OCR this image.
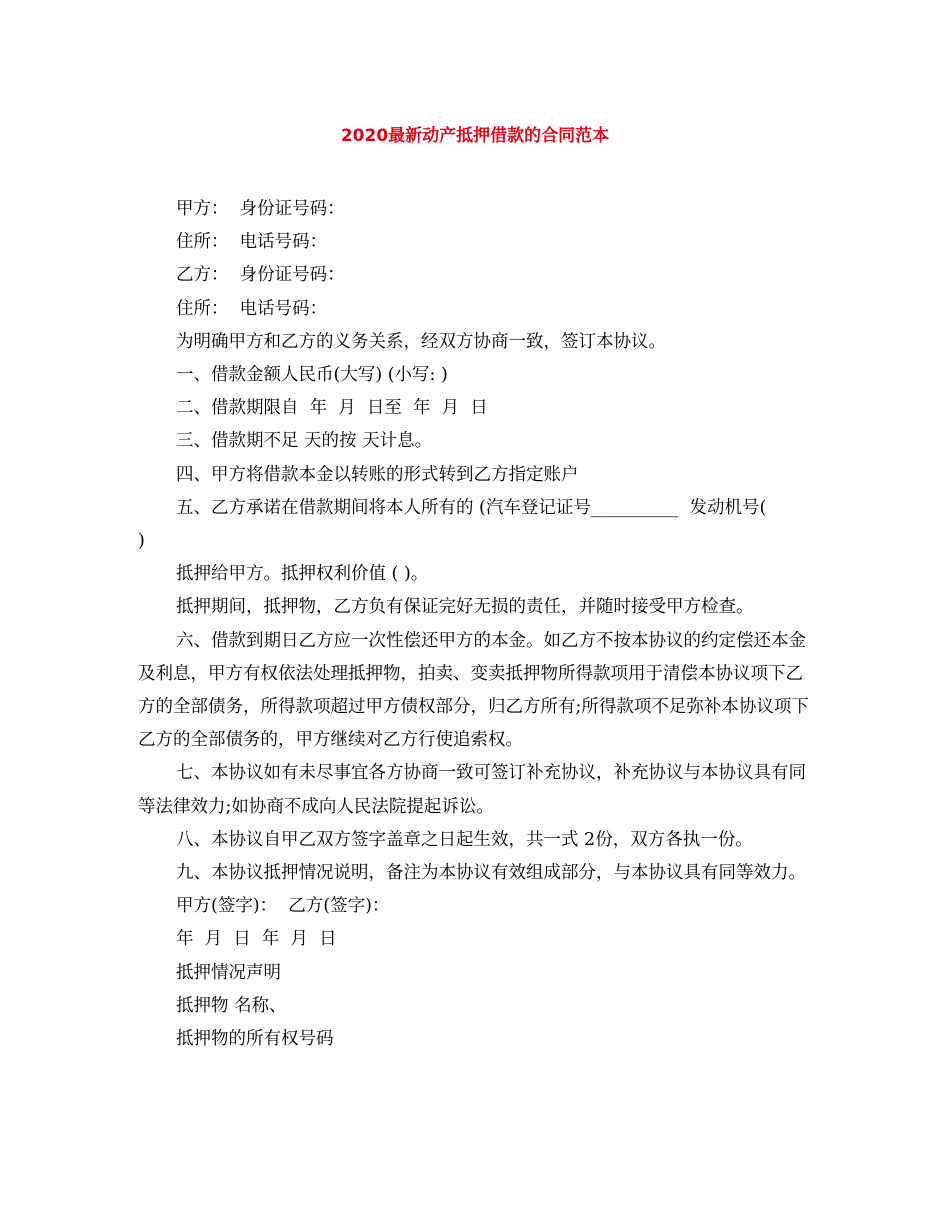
2020最新动产抵押借款的合同范本

甲方：  身份证号码：

住所：  电话号码：

乙方：  身份证号码：

住所：  电话号码：

为明确甲方和乙方的义务关系，经双方协商一致，签订本协议。

一、借款金额人民币(大写) (小写: )

二、借款期限自  年  月  日至  年  月  日

三、借款期不足 天的按 天计息。

四、甲方将借款本金以转账的形式转到乙方指定账户

五、乙方承诺在借款期间将本人所有的 (汽车登记证号__________  发动机号(

)

抵押给甲方。抵押权利价值 ( )。

抵押期间，抵押物，乙方负有保证完好无损的责任，并随时接受甲方检查。

六、借款到期日乙方应一次性偿还甲方的本金。如乙方不按本协议的约定偿还本金及利息，甲方有权依法处理抵押物，拍卖、变卖抵押物所得款项用于清偿本协议项下乙方的全部债务，所得款项超过甲方债权部分，归乙方所有;所得款项不足弥补本协议项下乙方的全部债务的，甲方继续对乙方行使追索权。

七、本协议如有未尽事宜各方协商一致可签订补充协议，补充协议与本协议具有同等法律效力;如协商不成向人民法院提起诉讼。

八、本协议自甲乙双方签字盖章之日起生效，共一式 2份，双方各执一份。

九、本协议抵押情况说明，备注为本协议有效组成部分，与本协议具有同等效力。

甲方(签字)：  乙方(签字)：

年  月  日  年  月  日

抵押情况声明

抵押物 名称、

抵押物的所有权号码
